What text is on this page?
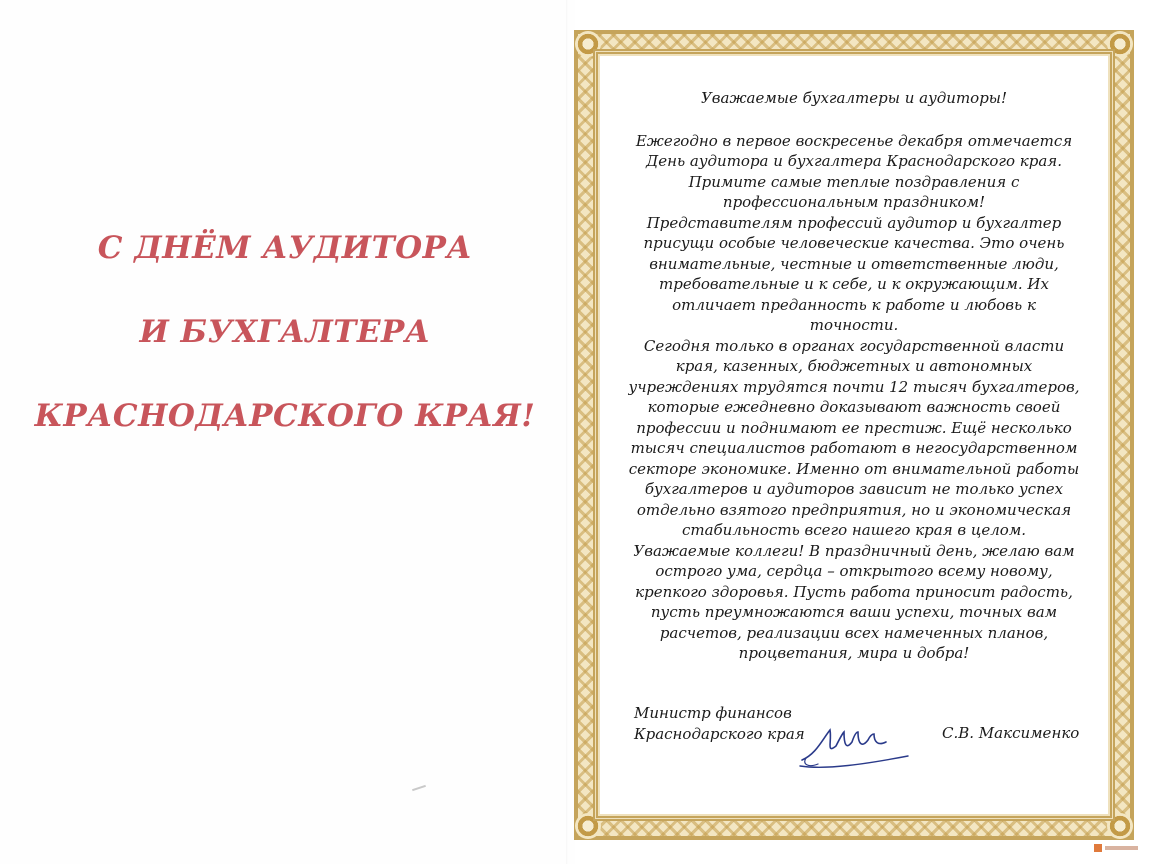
С ДНЁМ АУДИТОРА
И БУХГАЛТЕРА
КРАСНОДАРСКОГО КРАЯ!
Уважаемые бухгалтеры и аудиторы!

Ежегодно в первое воскресенье декабря отмечается
День аудитора и бухгалтера Краснодарского края.
Примите самые теплые поздравления с
профессиональным праздником!

Представителям профессий аудитор и бухгалтер
присущи особые человеческие качества. Это очень
внимательные, честные и ответственные люди,
требовательные и к себе, и к окружающим. Их
отличает преданность к работе и любовь к
точности.

Сегодня только в органах государственной власти
края, казенных, бюджетных и автономных
учреждениях трудятся почти 12 тысяч бухгалтеров,
которые ежедневно доказывают важность своей
профессии и поднимают ее престиж. Ещё несколько
тысяч специалистов работают в негосударственном
секторе экономике. Именно от внимательной работы
бухгалтеров и аудиторов зависит не только успех
отдельно взятого предприятия, но и экономическая
стабильность всего нашего края в целом.

Уважаемые коллеги! В праздничный день, желаю вам
острого ума, сердца – открытого всему новому,
крепкого здоровья. Пусть работа приносит радость,
пусть преумножаются ваши успехи, точных вам
расчетов, реализации всех намеченных планов,
процветания, мира и добра!

Министр финансов
Краснодарского края	С.В. Максименко
